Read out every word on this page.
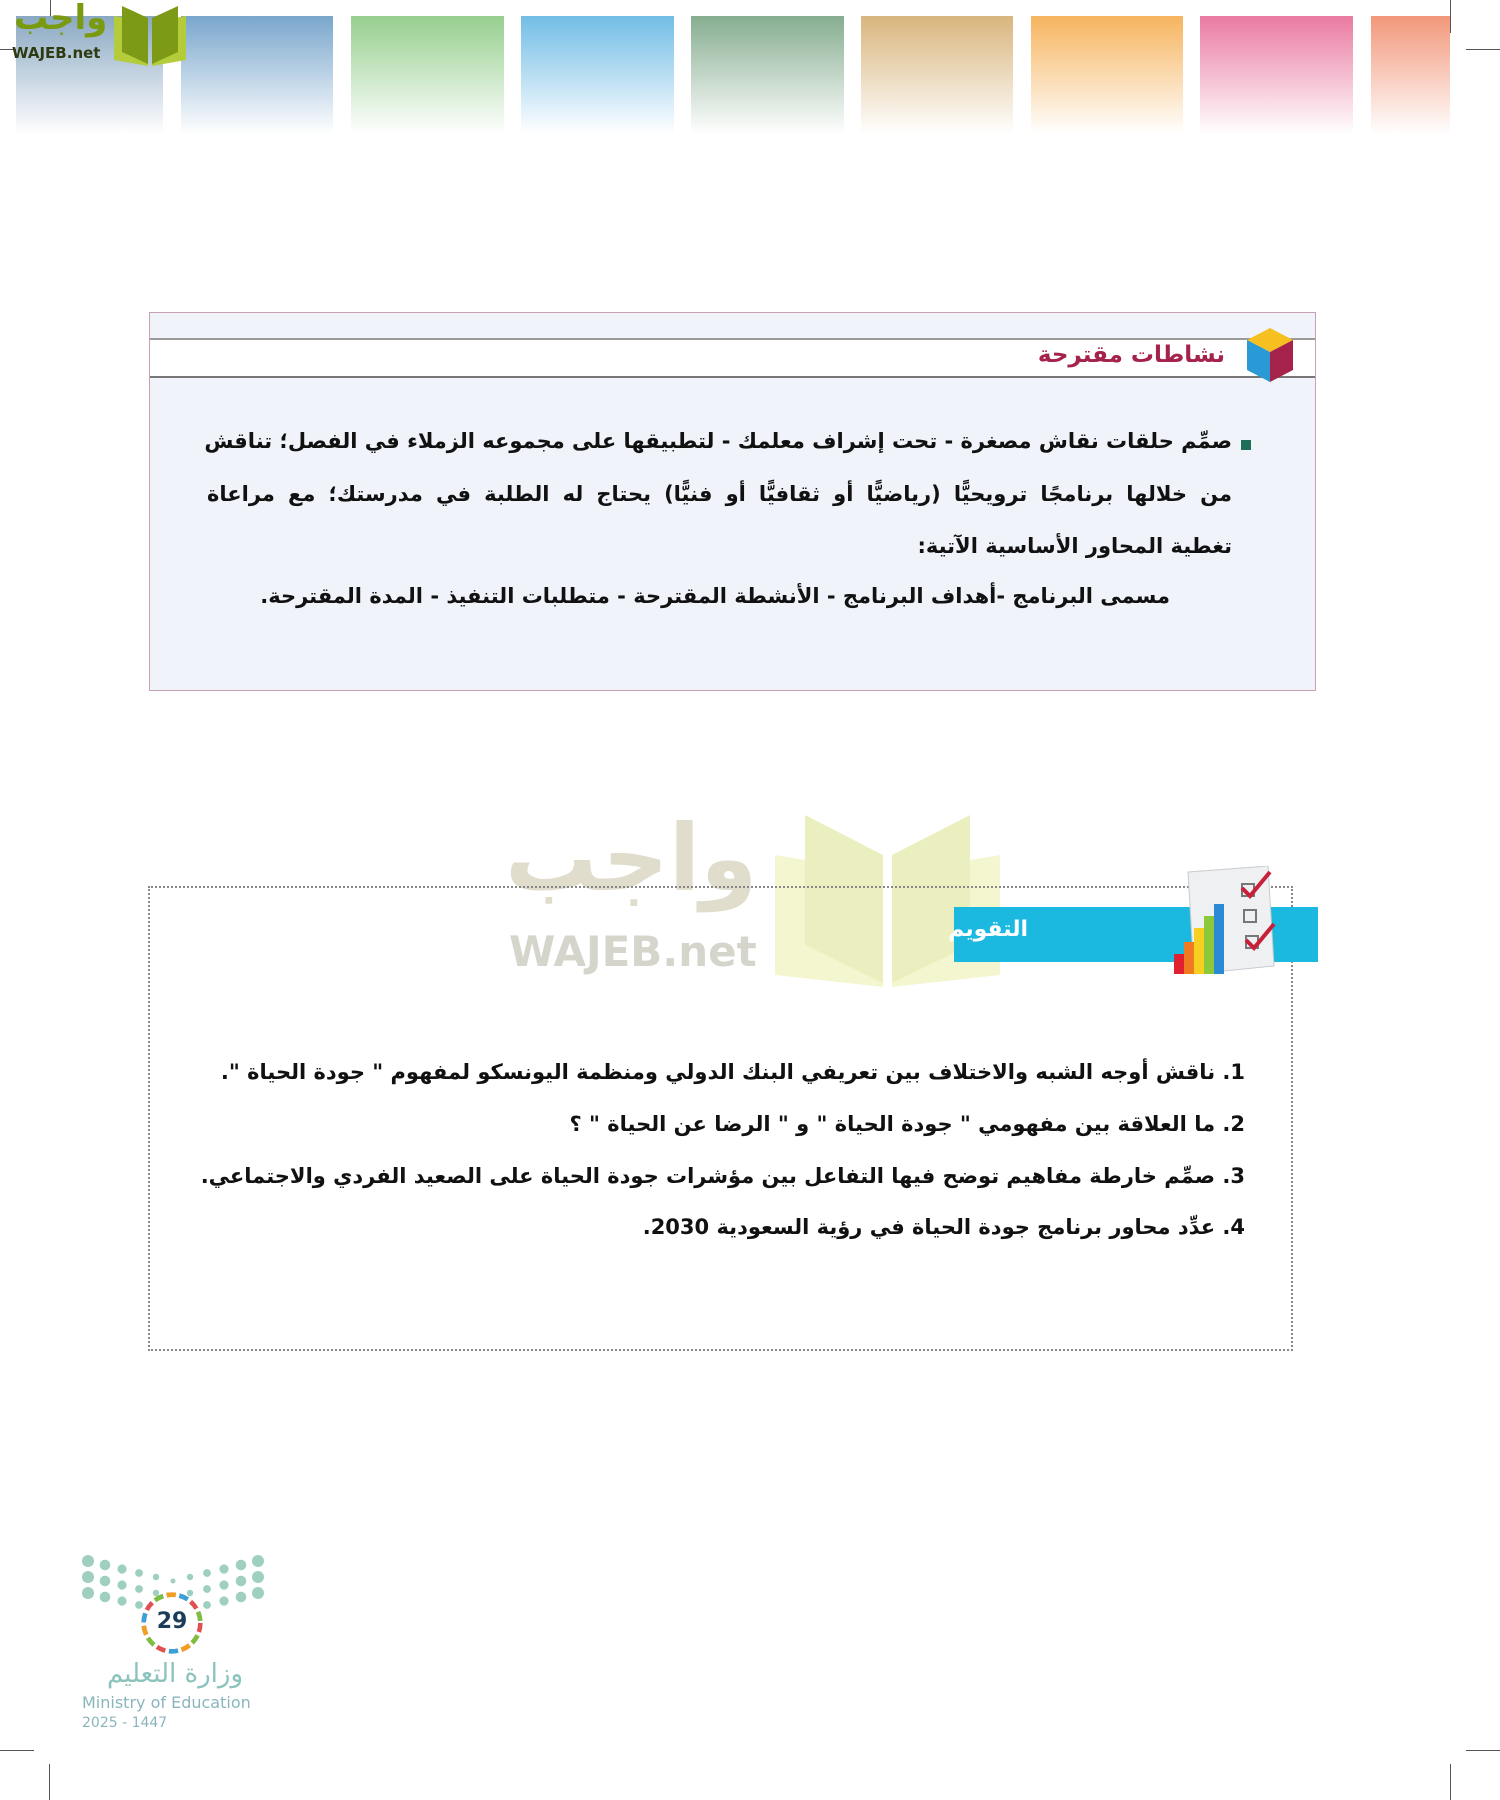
واجب
WAJEB.net
نشاطات مقترحة
صمِّم حلقات نقاش مصغرة - تحت إشراف معلمك - لتطبيقها على مجموعه الزملاء في الفصل؛ تناقش
من خلالها برنامجًا ترويحيًّا (رياضيًّا أو ثقافيًّا أو فنيًّا) يحتاج له الطلبة في مدرستك؛ مع مراعاة
تغطية المحاور الأساسية الآتية:
مسمى البرنامج -أهداف البرنامج - الأنشطة المقترحة - متطلبات التنفيذ - المدة المقترحة.
واجب
WAJEB.net	التقويم
1. ناقش أوجه الشبه والاختلاف بين تعريفي البنك الدولي ومنظمة اليونسكو لمفهوم " جودة الحياة ".
2. ما العلاقة بين مفهومي " جودة الحياة " و " الرضا عن الحياة " ؟
3. صمِّم خارطة مفاهيم توضح فيها التفاعل بين مؤشرات جودة الحياة على الصعيد الفردي والاجتماعي.
4. عدِّد محاور برنامج جودة الحياة في رؤية السعودية 2030.
29
وزارة التعليم
Ministry of Education
2025 - 1447
